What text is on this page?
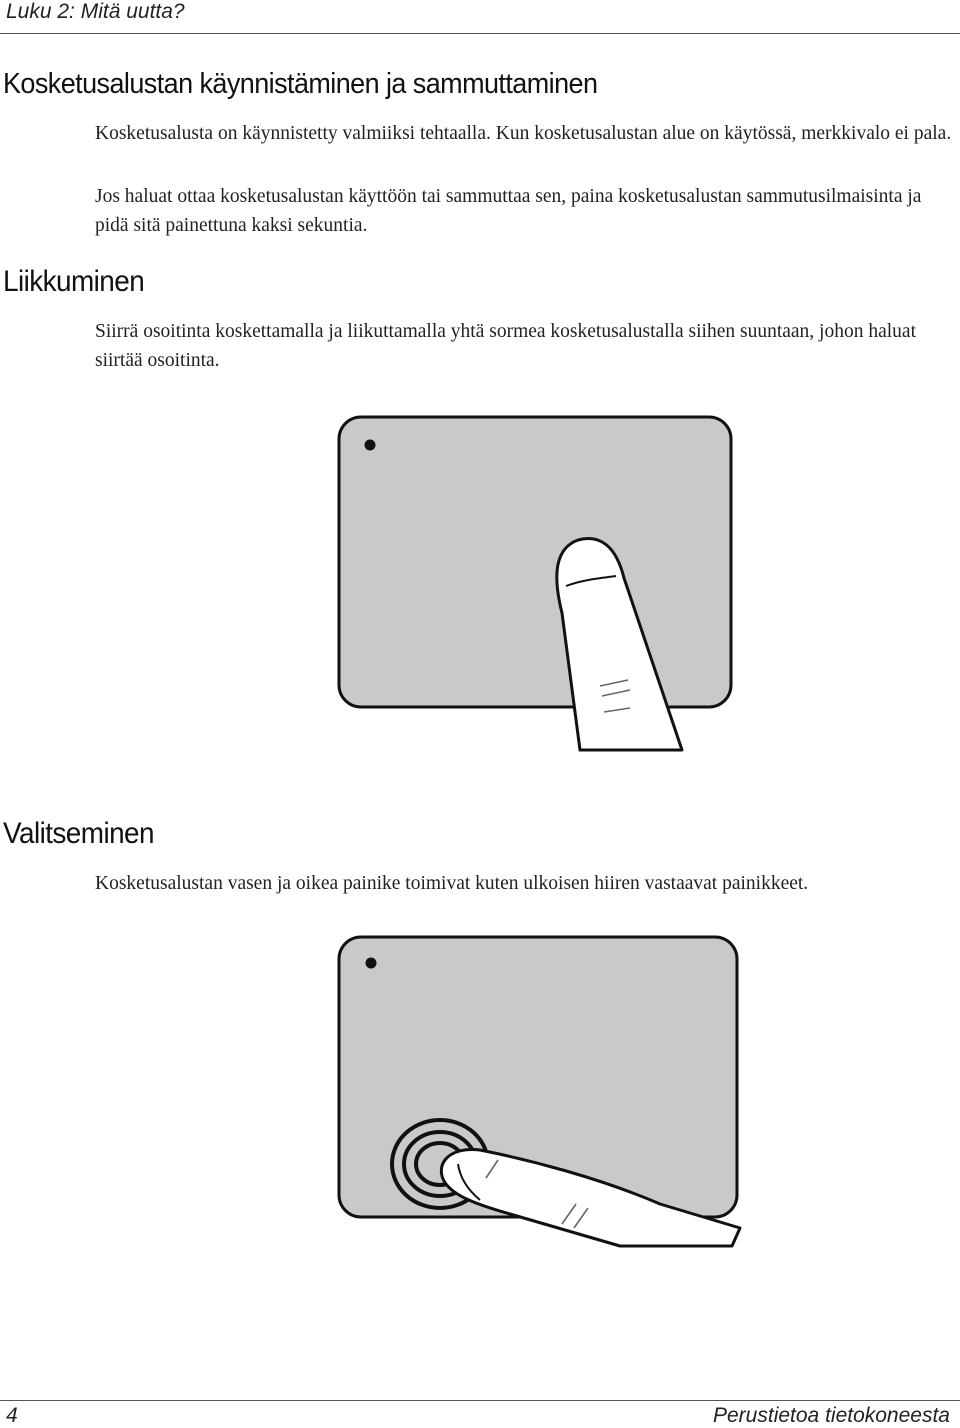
Luku 2: Mitä uutta?
Kosketusalustan käynnistäminen ja sammuttaminen
Kosketusalusta on käynnistetty valmiiksi tehtaalla. Kun kosketusalustan alue on käytössä, merkkivalo ei pala.
Jos haluat ottaa kosketusalustan käyttöön tai sammuttaa sen, paina kosketusalustan sammutusilmaisinta ja pidä sitä painettuna kaksi sekuntia.
Liikkuminen
Siirrä osoitinta koskettamalla ja liikuttamalla yhtä sormea kosketusalustalla siihen suuntaan, johon haluat siirtää osoitinta.
Valitseminen
Kosketusalustan vasen ja oikea painike toimivat kuten ulkoisen hiiren vastaavat painikkeet.
4	Perustietoa tietokoneesta
